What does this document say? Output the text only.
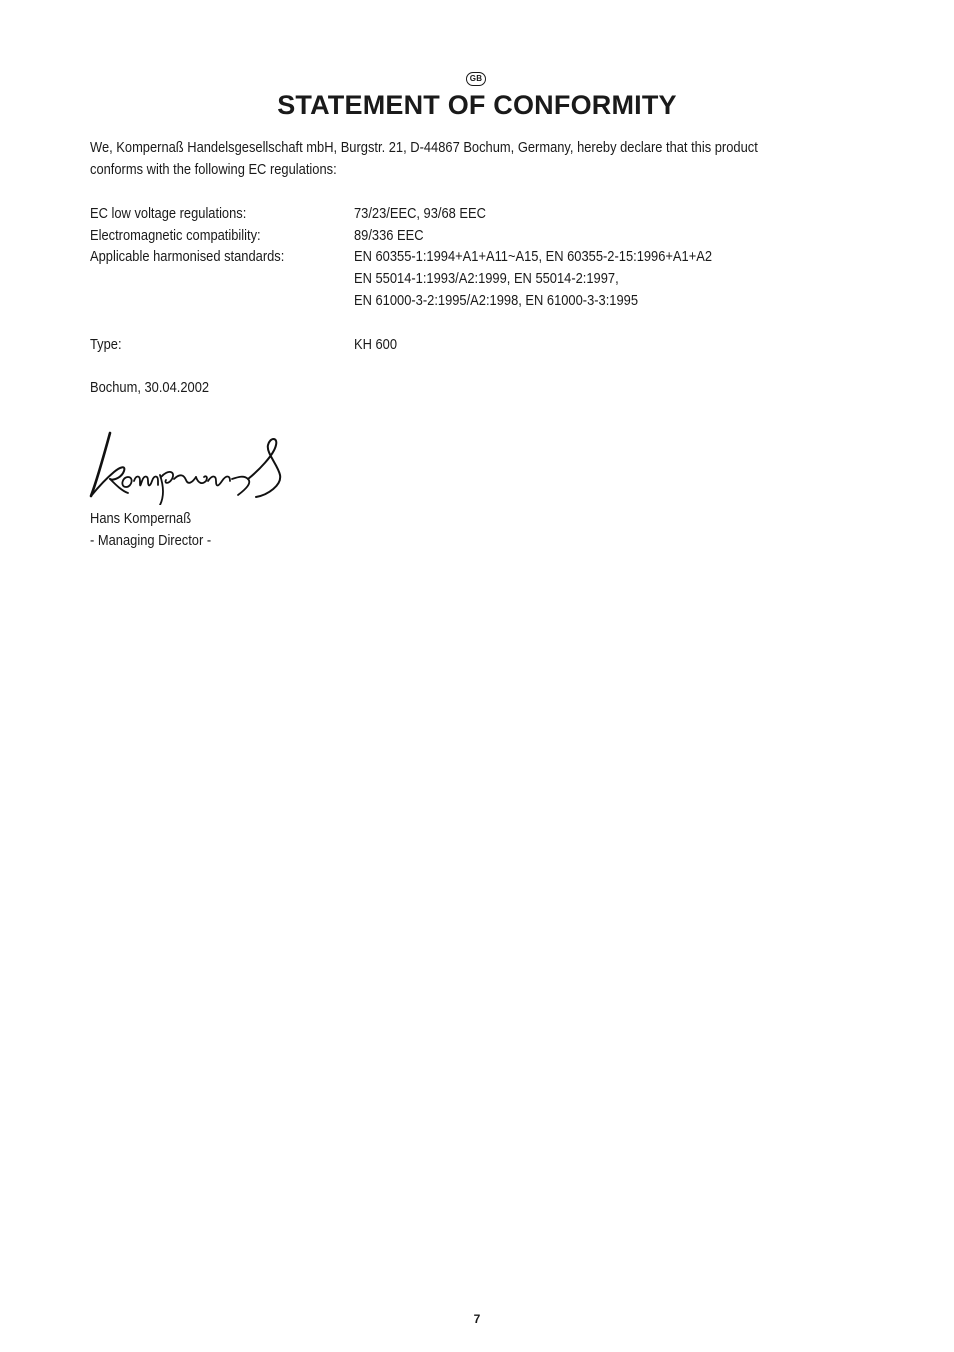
GB
STATEMENT OF CONFORMITY
We, Kompernaß Handelsgesellschaft mbH, Burgstr. 21, D-44867 Bochum, Germany, hereby declare that this product
conforms with the following EC regulations:
EC low voltage regulations:	73/23/EEC, 93/68 EEC
Electromagnetic compatibility:	89/336 EEC
Applicable harmonised standards:	EN 60355-1:1994+A1+A11~A15, EN 60355-2-15:1996+A1+A2
EN 55014-1:1993/A2:1999, EN 55014-2:1997,
EN 61000-3-2:1995/A2:1998, EN 61000-3-3:1995
Type:	KH 600
Bochum, 30.04.2002
Hans Kompernaß
- Managing Director -
7
